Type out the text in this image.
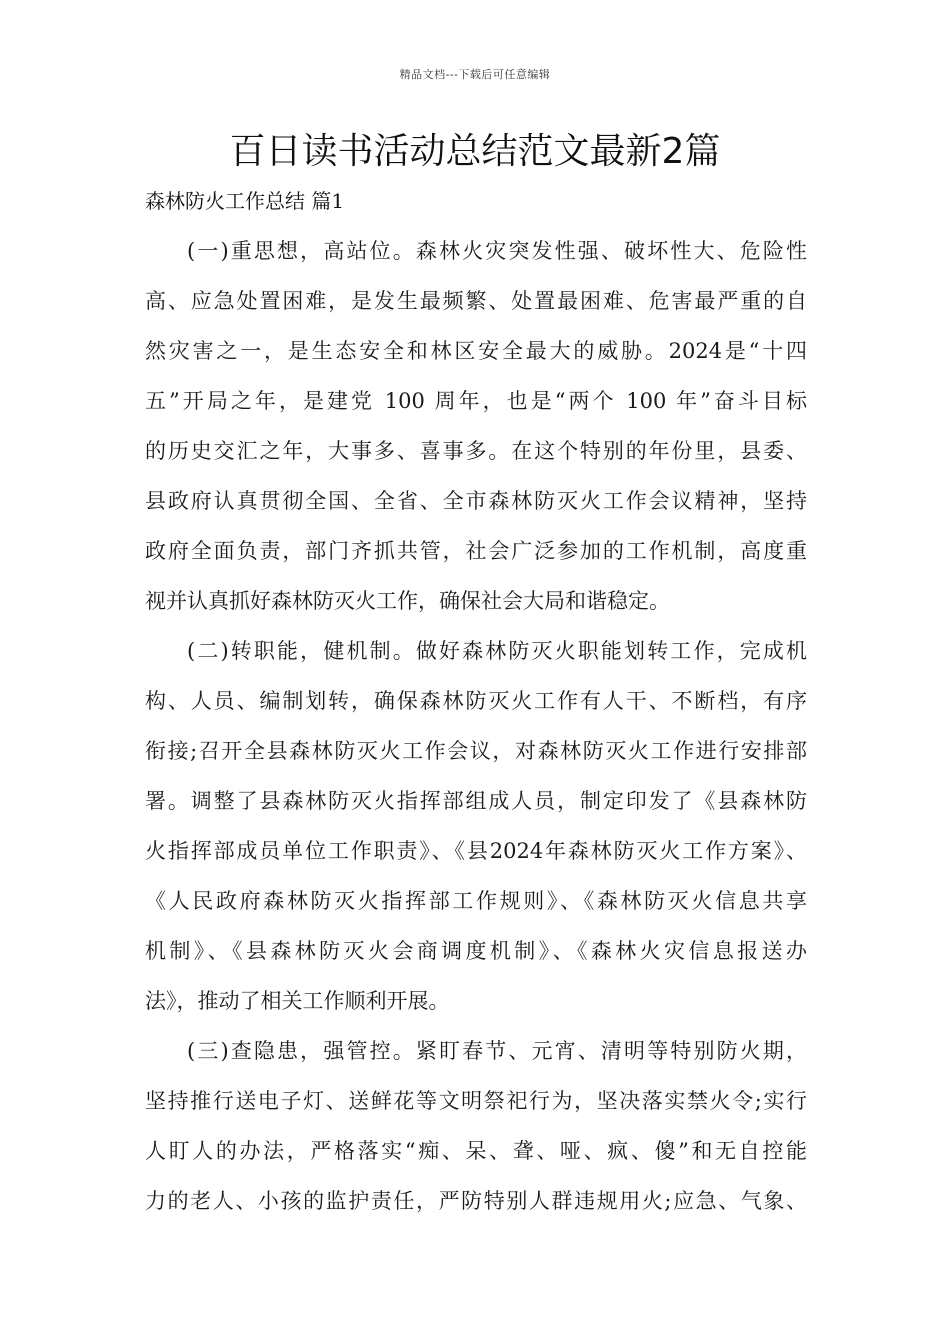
精品文档---下载后可任意编辑
百日读书活动总结范文最新2篇
森林防火工作总结 篇1
(一)重思想，高站位。森林火灾突发性强、破坏性大、危险性
高、应急处置困难，是发生最频繁、处置最困难、危害最严重的自
然灾害之一，是生态安全和林区安全最大的威胁。2024是“十四
五”开局之年，是建党 100 周年，也是“两个 100 年”奋斗目标
的历史交汇之年，大事多、喜事多。在这个特别的年份里，县委、
县政府认真贯彻全国、全省、全市森林防灭火工作会议精神，坚持
政府全面负责，部门齐抓共管，社会广泛参加的工作机制，高度重
视并认真抓好森林防灭火工作，确保社会大局和谐稳定。
(二)转职能，健机制。做好森林防灭火职能划转工作，完成机
构、人员、编制划转，确保森林防灭火工作有人干、不断档，有序
衔接;召开全县森林防灭火工作会议，对森林防灭火工作进行安排部
署。调整了县森林防灭火指挥部组成人员，制定印发了《县森林防
火指挥部成员单位工作职责》、《县2024年森林防灭火工作方案》、
《人民政府森林防灭火指挥部工作规则》、《森林防灭火信息共享
机制》、《县森林防灭火会商调度机制》、《森林火灾信息报送办
法》，推动了相关工作顺利开展。
(三)查隐患，强管控。紧盯春节、元宵、清明等特别防火期，
坚持推行送电子灯、送鲜花等文明祭祀行为，坚决落实禁火令;实行
人盯人的办法，严格落实“痴、呆、聋、哑、疯、傻”和无自控能
力的老人、小孩的监护责任，严防特别人群违规用火;应急、气象、
